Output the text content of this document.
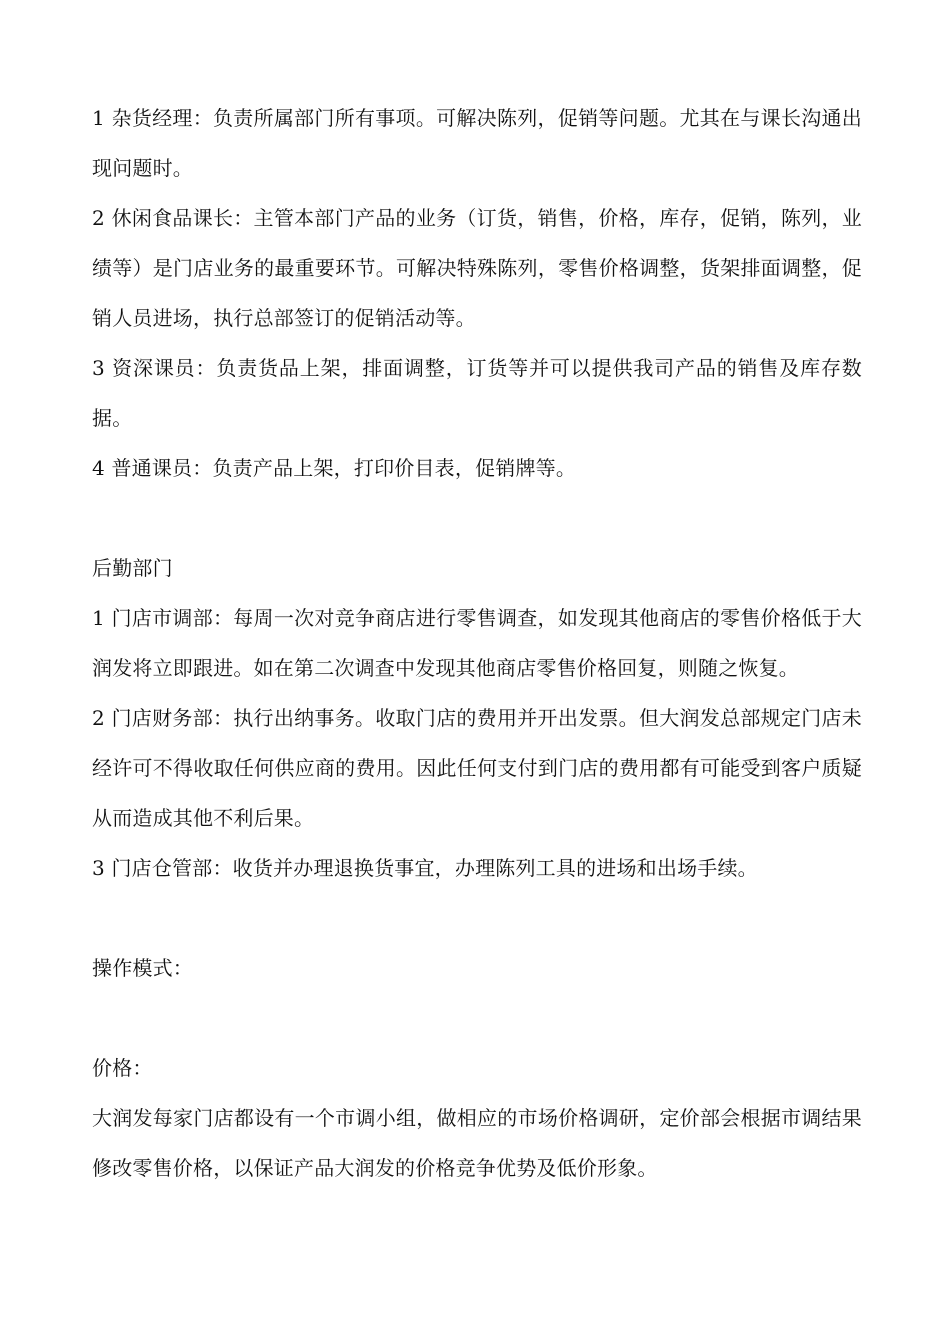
1 杂货经理：负责所属部门所有事项。可解决陈列，促销等问题。尤其在与课长沟通出现问题时。

2 休闲食品课长：主管本部门产品的业务（订货，销售，价格，库存，促销，陈列，业绩等）是门店业务的最重要环节。可解决特殊陈列，零售价格调整，货架排面调整，促销人员进场，执行总部签订的促销活动等。

3 资深课员：负责货品上架，排面调整，订货等并可以提供我司产品的销售及库存数据。

4 普通课员：负责产品上架，打印价目表，促销牌等。

后勤部门

1 门店市调部：每周一次对竞争商店进行零售调查，如发现其他商店的零售价格低于大润发将立即跟进。如在第二次调查中发现其他商店零售价格回复，则随之恢复。

2 门店财务部：执行出纳事务。收取门店的费用并开出发票。但大润发总部规定门店未经许可不得收取任何供应商的费用。因此任何支付到门店的费用都有可能受到客户质疑从而造成其他不利后果。

3 门店仓管部：收货并办理退换货事宜，办理陈列工具的进场和出场手续。

操作模式：

价格：

大润发每家门店都设有一个市调小组，做相应的市场价格调研，定价部会根据市调结果修改零售价格，以保证产品大润发的价格竞争优势及低价形象。
